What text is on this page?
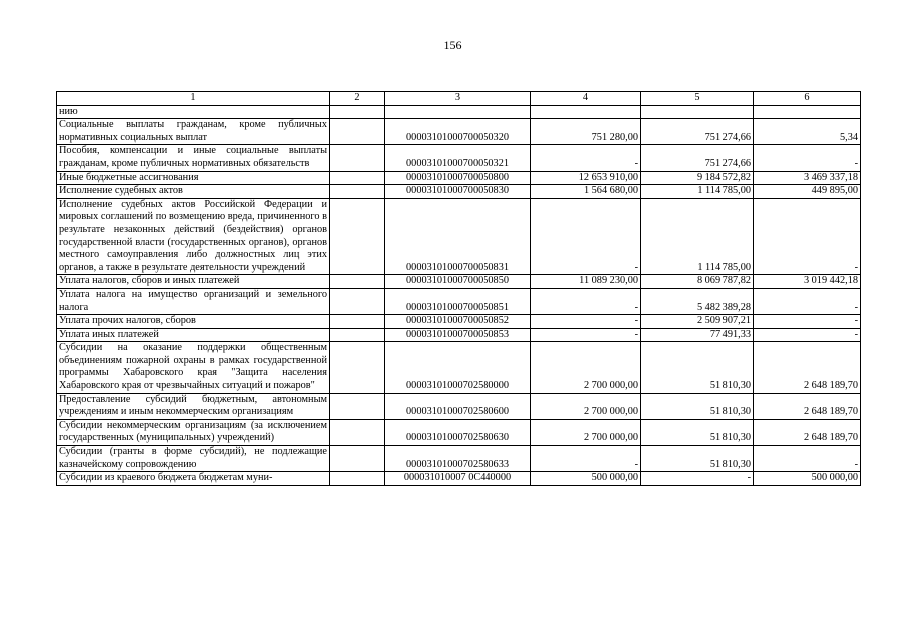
156
1	2	3	4	5	6
нию					
Социальные выплаты гражданам, кроме публичных нормативных социальных выплат		00003101000700050320	751 280,00	751 274,66	5,34
Пособия, компенсации и иные социальные выплаты гражданам, кроме публичных нормативных обязательств		00003101000700050321	-	751 274,66	-
Иные бюджетные ассигнования		00003101000700050800	12 653 910,00	9 184 572,82	3 469 337,18
Исполнение судебных актов		00003101000700050830	1 564 680,00	1 114 785,00	449 895,00
Исполнение судебных актов Российской Федерации и мировых соглашений по возмещению вреда, причиненного в результате незаконных действий (бездействия) органов государственной власти (государственных органов), органов местного самоуправления либо должностных лиц этих органов, а также в результате деятельности учреждений		00003101000700050831	-	1 114 785,00	-
Уплата налогов, сборов и иных платежей		00003101000700050850	11 089 230,00	8 069 787,82	3 019 442,18
Уплата налога на имущество организаций и земельного налога		00003101000700050851	-	5 482 389,28	-
Уплата прочих налогов, сборов		00003101000700050852	-	2 509 907,21	-
Уплата иных платежей		00003101000700050853	-	77 491,33	-
Субсидии на оказание поддержки общественным объединениям пожарной охраны в рамках государственной программы Хабаровского края "Защита населения Хабаровского края от чрезвычайных ситуаций и пожаров"		00003101000702580000	2 700 000,00	51 810,30	2 648 189,70
Предоставление субсидий бюджетным, автономным учреждениям и иным некоммерческим организациям		00003101000702580600	2 700 000,00	51 810,30	2 648 189,70
Субсидии некоммерческим организациям (за исключением государственных (муниципальных) учреждений)		00003101000702580630	2 700 000,00	51 810,30	2 648 189,70
Субсидии (гранты в форме субсидий), не подлежащие казначейскому сопровождению		00003101000702580633	-	51 810,30	-
Субсидии из краевого бюджета бюджетам муни-		000031010007 0C440000	500 000,00	-	500 000,00
